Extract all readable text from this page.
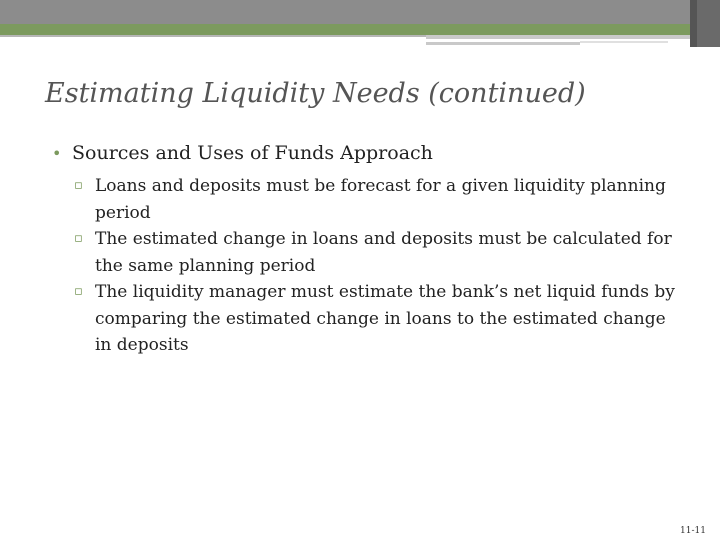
Estimating Liquidity Needs (continued)
• Sources and Uses of Funds Approach
▫ Loans and deposits must be forecast for a given liquidity planning period
▫ The estimated change in loans and deposits must be calculated for the same planning period
▫ The liquidity manager must estimate the bank’s net liquid funds by comparing the estimated change in loans to the estimated change in deposits
11-11
